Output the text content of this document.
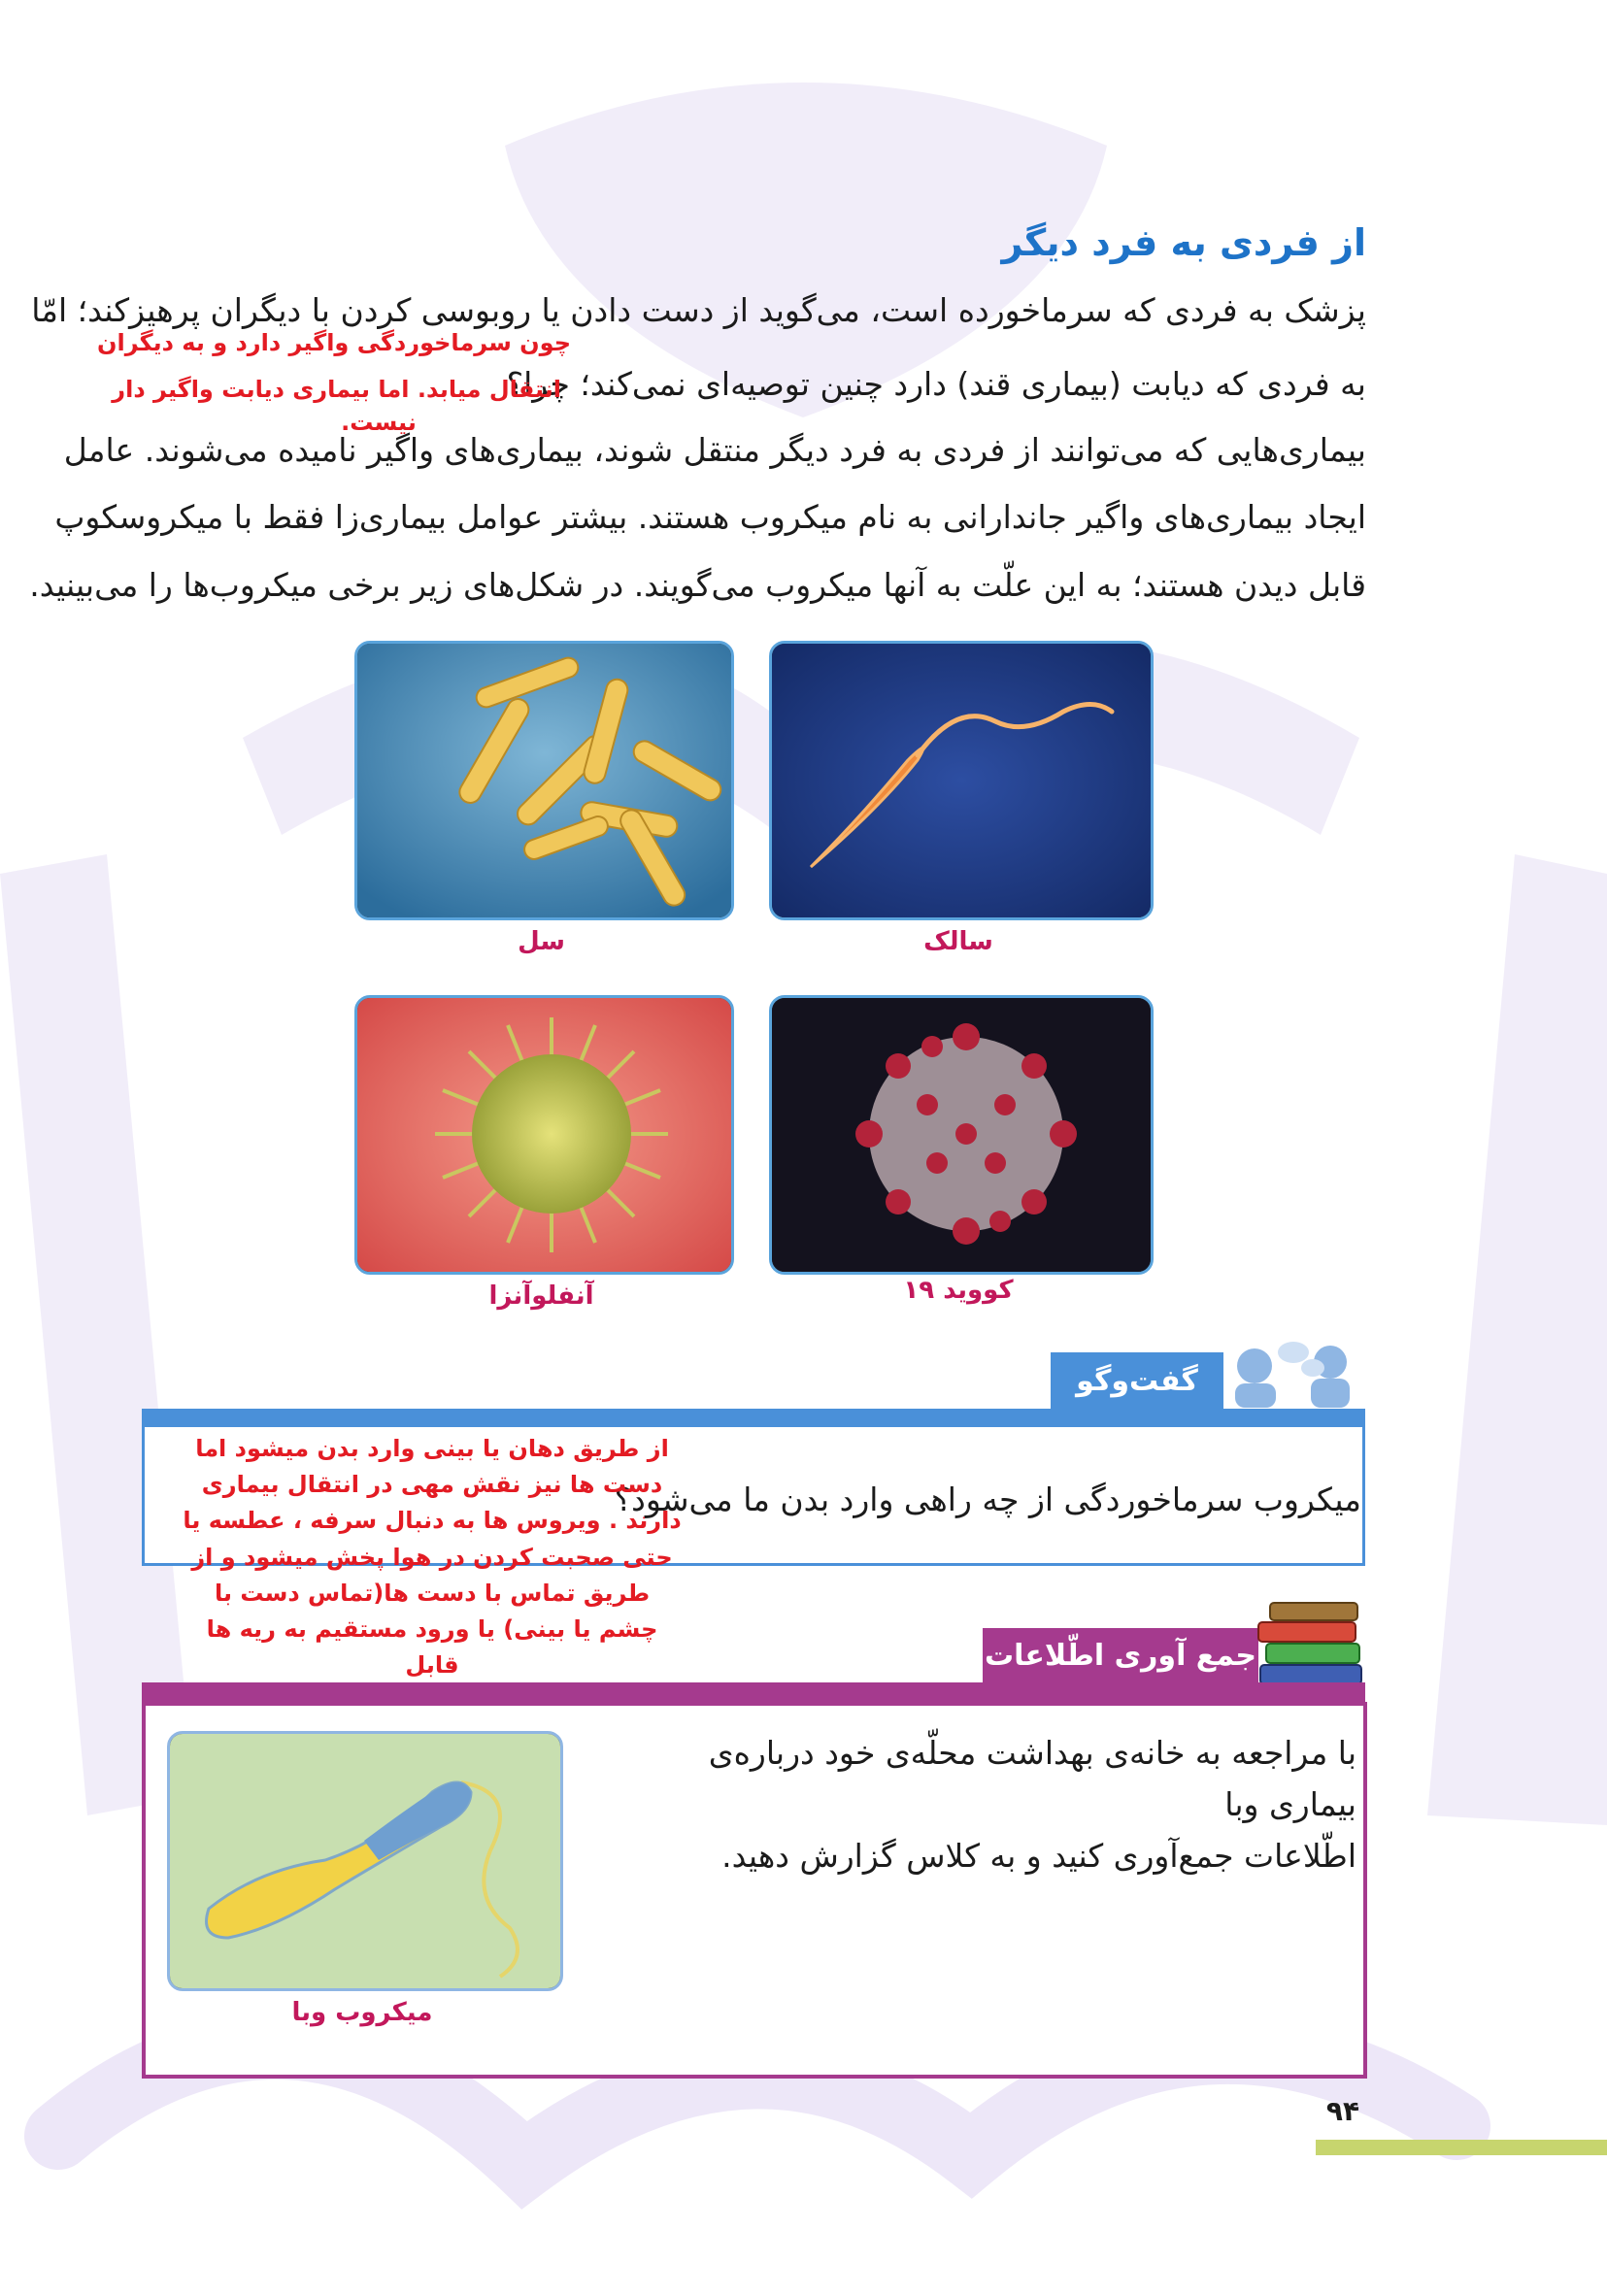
از فردی به فرد دیگر
پزشک به فردی که سرماخورده است، می‌گوید از دست دادن یا روبوسی کردن با دیگران پرهیزکند؛ امّا
به فردی که دیابت (بیماری قند) دارد چنین توصیه‌ای نمی‌کند؛ چرا؟
بیماری‌هایی که می‌توانند از فردی به فرد دیگر منتقل شوند، بیماری‌های واگیر نامیده می‌شوند. عامل
ایجاد بیماری‌های واگیر جاندارانی به نام میکروب هستند. بیشتر عوامل بیماری‌زا فقط با میکروسکوپ
قابل دیدن هستند؛ به این علّت به آنها میکروب می‌گویند. در شکل‌های زیر برخی میکروب‌ها را می‌بینید.
چون سرماخوردگی واگیر دارد و به دیگران
انتقال میابد. اما بیماری دیابت واگیر دار
نیست.
سل	سالک
آنفلوآنزا	کووید ۱۹
گفت‌و‌گو
میکروب سرماخوردگی از چه راهی وارد بدن ما می‌شود؟
از طریق دهان یا بینی وارد بدن میشود اما
دست ها نیز نقش مهی در انتقال بیماری
دارند . ویروس ها به دنبال سرفه ، عطسه یا
حتی صحبت کردن در هوا پخش میشود و از
طریق تماس با دست ها(تماس دست با
چشم یا بینی) یا ورود مستقیم به ریه ها قابل	جمع آوری اطّلاعات
با مراجعه به خانه‌ی بهداشت محلّه‌ی خود درباره‌ی بیماری وبا
اطّلاعات جمع‌آوری کنید و به کلاس گزارش دهید.
میکروب وبا
۹۴
